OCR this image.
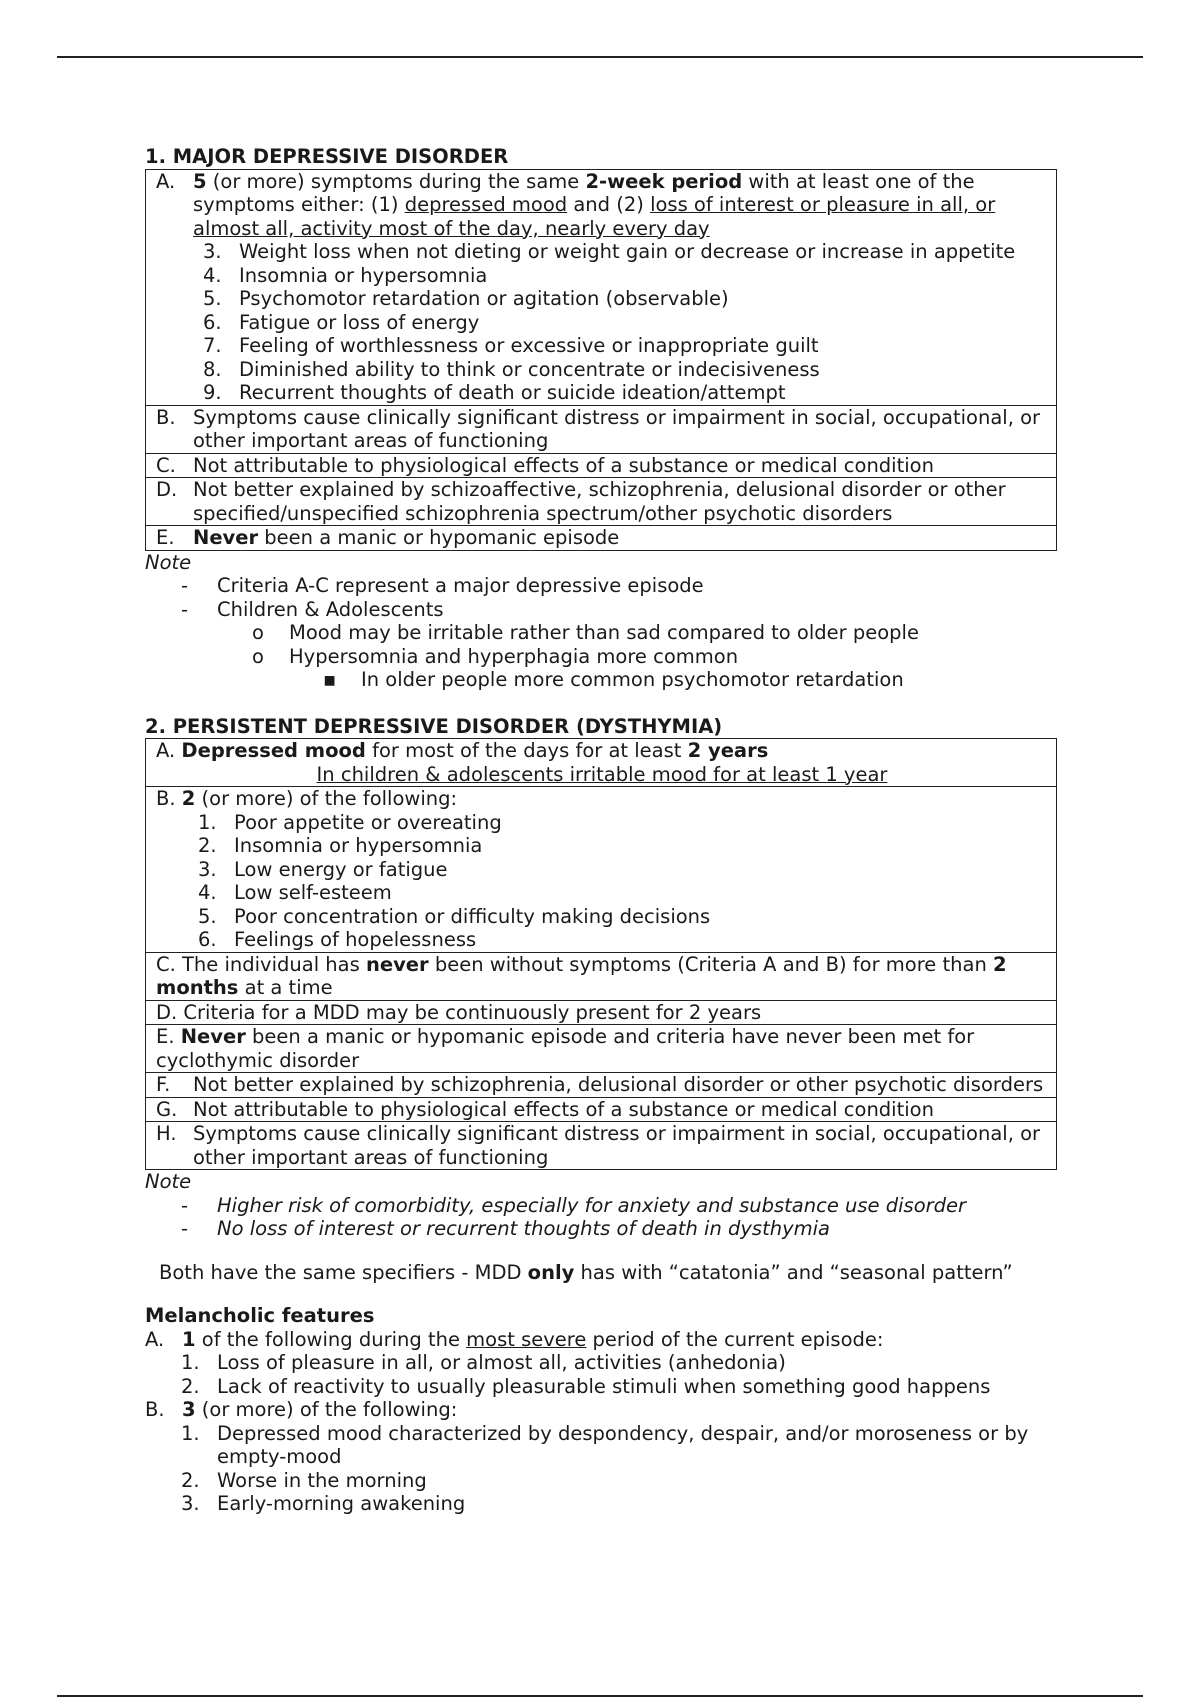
1. MAJOR DEPRESSIVE DISORDER
A. 5 (or more) symptoms during the same 2-week period with at least one of the symptoms either: (1) depressed mood and (2) loss of interest or pleasure in all, or almost all, activity most of the day, nearly every day
3. Weight loss when not dieting or weight gain or decrease or increase in appetite
4. Insomnia or hypersomnia
5. Psychomotor retardation or agitation (observable)
6. Fatigue or loss of energy
7. Feeling of worthlessness or excessive or inappropriate guilt
8. Diminished ability to think or concentrate or indecisiveness
9. Recurrent thoughts of death or suicide ideation/attempt
B. Symptoms cause clinically significant distress or impairment in social, occupational, or other important areas of functioning
C. Not attributable to physiological effects of a substance or medical condition
D. Not better explained by schizoaffective, schizophrenia, delusional disorder or other specified/unspecified schizophrenia spectrum/other psychotic disorders
E. Never been a manic or hypomanic episode
Note
-	Criteria A-C represent a major depressive episode
-	Children & Adolescents
o	Mood may be irritable rather than sad compared to older people
o	Hypersomnia and hyperphagia more common
▪	In older people more common psychomotor retardation
2. PERSISTENT DEPRESSIVE DISORDER (DYSTHYMIA)
A. Depressed mood for most of the days for at least 2 years
In children & adolescents irritable mood for at least 1 year
B. 2 (or more) of the following:
1. Poor appetite or overeating
2. Insomnia or hypersomnia
3. Low energy or fatigue
4. Low self-esteem
5. Poor concentration or difficulty making decisions
6. Feelings of hopelessness
C. The individual has never been without symptoms (Criteria A and B) for more than 2 months at a time
D. Criteria for a MDD may be continuously present for 2 years
E. Never been a manic or hypomanic episode and criteria have never been met for cyclothymic disorder
F.	Not better explained by schizophrenia, delusional disorder or other psychotic disorders
G. Not attributable to physiological effects of a substance or medical condition
H. Symptoms cause clinically significant distress or impairment in social, occupational, or other important areas of functioning
Note
-	Higher risk of comorbidity, especially for anxiety and substance use disorder
-	No loss of interest or recurrent thoughts of death in dysthymia
Both have the same specifiers - MDD only has with “catatonia” and “seasonal pattern”
Melancholic features
A. 1 of the following during the most severe period of the current episode:
1. Loss of pleasure in all, or almost all, activities (anhedonia)
2. Lack of reactivity to usually pleasurable stimuli when something good happens
B. 3 (or more) of the following:
1. Depressed mood characterized by despondency, despair, and/or moroseness or by empty-mood
2. Worse in the morning
3. Early-morning awakening
